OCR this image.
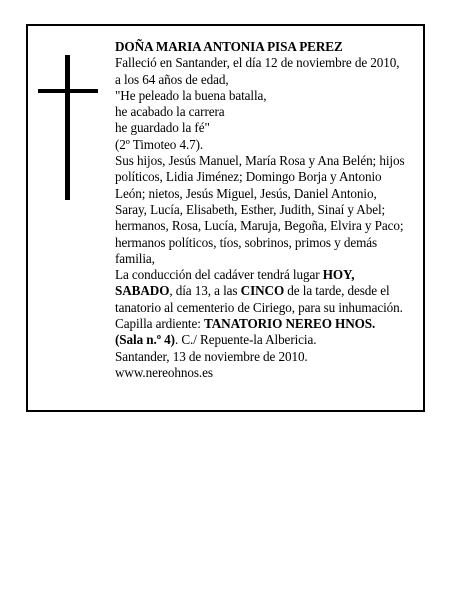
DOÑA MARIA ANTONIA PISA PEREZ
Falleció en Santander, el día 12 de noviembre de 2010,
a los 64 años de edad,
"He peleado la buena batalla,
he acabado la carrera
he guardado la fé"
(2º Timoteo 4.7).
Sus hijos, Jesús Manuel, María Rosa y Ana Belén; hijos
políticos, Lidia Jiménez; Domingo Borja y Antonio
León; nietos, Jesús Miguel, Jesús, Daniel Antonio,
Saray, Lucía, Elisabeth, Esther, Judith, Sinaí y Abel;
hermanos, Rosa, Lucía, Maruja, Begoña, Elvira y Paco;
hermanos políticos, tíos, sobrinos, primos y demás
familia,
La conducción del cadáver tendrá lugar HOY,
SABADO, día 13, a las CINCO de la tarde, desde el
tanatorio al cementerio de Ciriego, para su inhumación.
Capilla ardiente: TANATORIO NEREO HNOS.
(Sala n.º 4). C./ Repuente-la Albericia.
Santander, 13 de noviembre de 2010.
www.nereohnos.es
